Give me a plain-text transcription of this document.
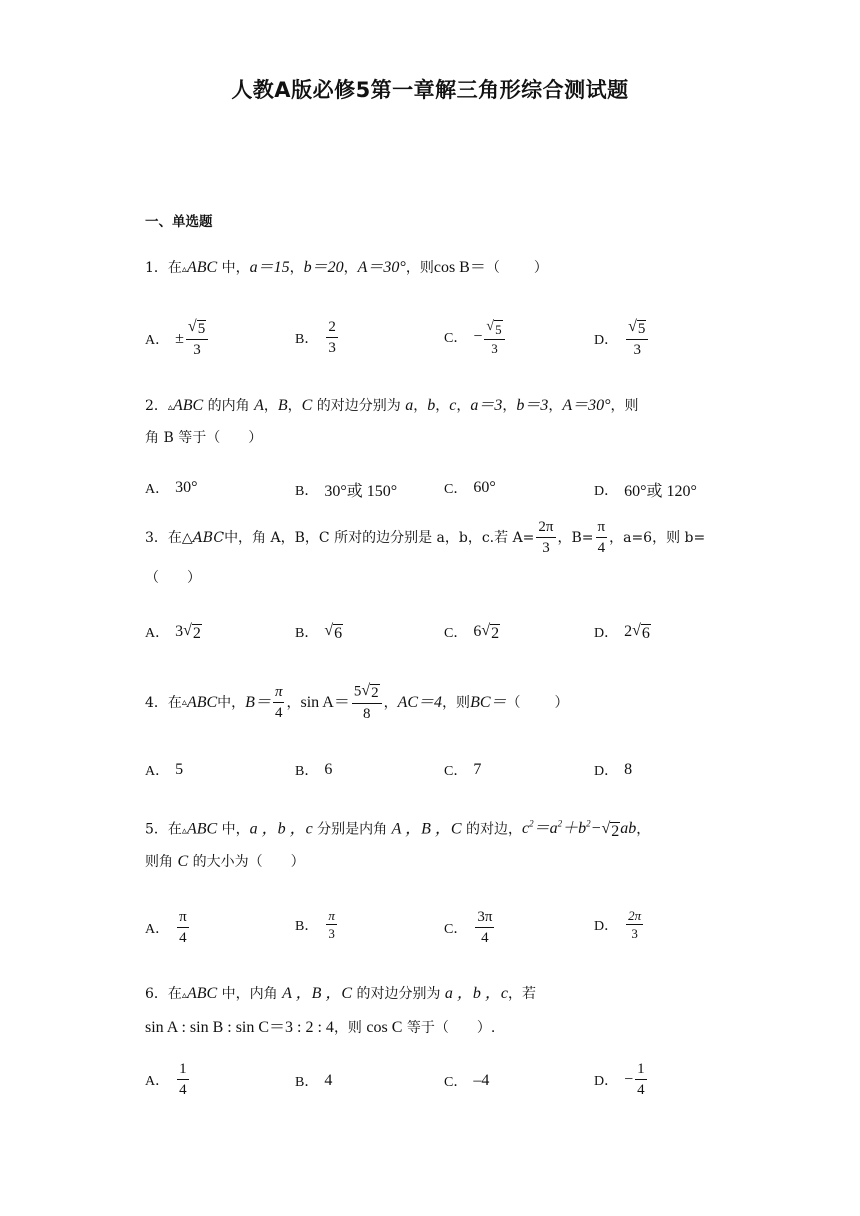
人教A版必修5第一章解三角形综合测试题
一、单选题
1．在▵ABC 中，a＝15，b＝20，A＝30°，则cos B＝（　　）
A． ± $\frac{√ 5}{3}$	B． $\frac{2}{3}$	C． − $\frac{√ 5}{3}$	D． $\frac{√ 5}{3}$
2．▵ABC 的内角 A，B，C 的对边分别为 a，b，c，a＝3，b＝3，A＝30°，则
角 B 等于（　　）
A． 30°	B． 30°或 150°	C． 60°	D． 60°或 120°
3．在△ ABC 中，角 A，B，C 所对的边分别是 a，b，c.若 $A= \frac{2\pi}{3}$ ，$B= \frac{\pi}{4}$ ，a=6，则 b=
（　　）
A． 3 √ 2	B． √ 6	C． 6 √ 2	D． 2 √ 6
4．在 ▵ ABC 中， $B= \frac{\pi}{4}$ ， $\sin A= \frac{5 √ 2}{8}$ ， AC＝4 ，则 BC＝ （　　）
A． 5	B． 6	C． 7	D． 8
5．在▵ABC 中，a ，b ，c 分别是内角 A ，B ，C 的对边，$c^2=a^2+b^2-$ √ 2 ab，
则角 C 的大小为（　　）
A． $\frac{\pi}{4}$	B． $\frac{\pi}{3}$	C． $\frac{3\pi}{4}$	D． $\frac{2\pi}{3}$
6．在▵ABC 中，内角 A ，B ，C 的对边分别为 a ，b ，c，若
sin A : sin B : sin C＝3 : 2 : 4，则 cos C 等于（　　）.
A． $\frac{1}{4}$	B． 4	C． –4	D． − $\frac{1}{4}$
